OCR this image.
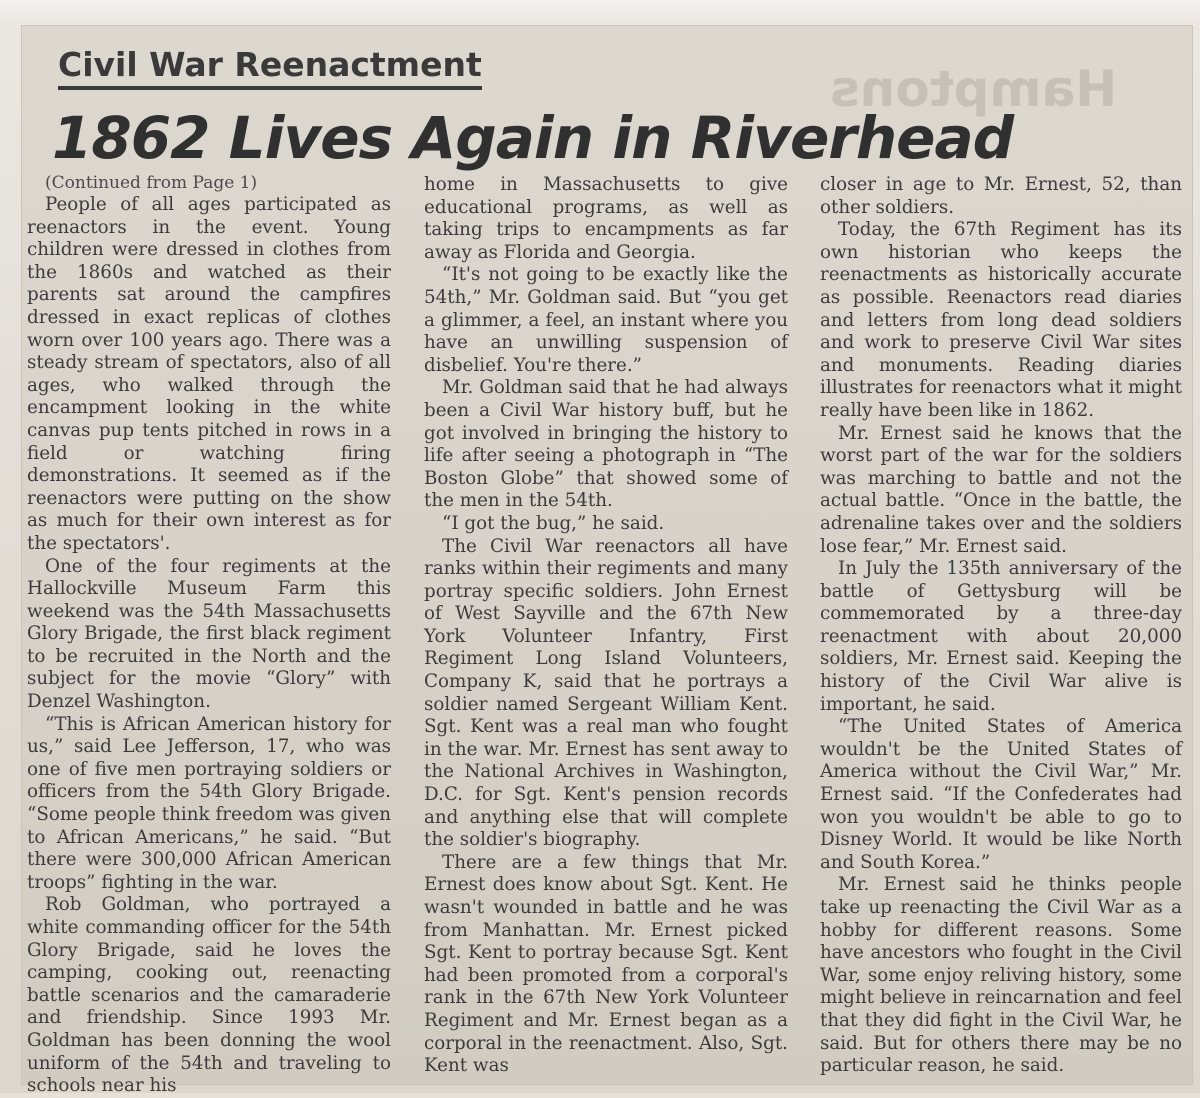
Hamptons
Civil War Reenactment
1862 Lives Again in Riverhead

(Continued from Page 1)

People of all ages participated as reenactors in the event. Young children were dressed in clothes from the 1860s and watched as their parents sat around the campfires dressed in exact replicas of clothes worn over 100 years ago. There was a steady stream of spectators, also of all ages, who walked through the encampment looking in the white canvas pup tents pitched in rows in a field or watching firing demonstrations. It seemed as if the reenactors were putting on the show as much for their own interest as for the spectators'.

One of the four regiments at the Hallockville Museum Farm this weekend was the 54th Massachusetts Glory Brigade, the first black regiment to be recruited in the North and the subject for the movie “Glory” with Denzel Washington.

“This is African American history for us,” said Lee Jefferson, 17, who was one of five men portraying soldiers or officers from the 54th Glory Brigade. “Some people think freedom was given to African Americans,” he said. “But there were 300,000 African American troops” fighting in the war.

Rob Goldman, who portrayed a white commanding officer for the 54th Glory Brigade, said he loves the camping, cooking out, reenacting battle scenarios and the camaraderie and friendship. Since 1993 Mr. Goldman has been donning the wool uniform of the 54th and traveling to schools near his

home in Massachusetts to give educational programs, as well as taking trips to encampments as far away as Florida and Georgia.

“It's not going to be exactly like the 54th,” Mr. Goldman said. But “you get a glimmer, a feel, an instant where you have an unwilling suspension of disbelief. You're there.”

Mr. Goldman said that he had always been a Civil War history buff, but he got involved in bringing the history to life after seeing a photograph in “The Boston Globe” that showed some of the men in the 54th.

“I got the bug,” he said.

The Civil War reenactors all have ranks within their regiments and many portray specific soldiers. John Ernest of West Sayville and the 67th New York Volunteer Infantry, First Regiment Long Island Volunteers, Company K, said that he portrays a soldier named Sergeant William Kent. Sgt. Kent was a real man who fought in the war. Mr. Ernest has sent away to the National Archives in Washington, D.C. for Sgt. Kent's pension records and anything else that will complete the soldier's biography.

There are a few things that Mr. Ernest does know about Sgt. Kent. He wasn't wounded in battle and he was from Manhattan. Mr. Ernest picked Sgt. Kent to portray because Sgt. Kent had been promoted from a corporal's rank in the 67th New York Volunteer Regiment and Mr. Ernest began as a corporal in the reenactment. Also, Sgt. Kent was

closer in age to Mr. Ernest, 52, than other soldiers.

Today, the 67th Regiment has its own historian who keeps the reenactments as historically accurate as possible. Reenactors read diaries and letters from long dead soldiers and work to preserve Civil War sites and monuments. Reading diaries illustrates for reenactors what it might really have been like in 1862.

Mr. Ernest said he knows that the worst part of the war for the soldiers was marching to battle and not the actual battle. “Once in the battle, the adrenaline takes over and the soldiers lose fear,” Mr. Ernest said.

In July the 135th anniversary of the battle of Gettysburg will be commemorated by a three-day reenactment with about 20,000 soldiers, Mr. Ernest said. Keeping the history of the Civil War alive is important, he said.

“The United States of America wouldn't be the United States of America without the Civil War,” Mr. Ernest said. “If the Confederates had won you wouldn't be able to go to Disney World. It would be like North and South Korea.”

Mr. Ernest said he thinks people take up reenacting the Civil War as a hobby for different reasons. Some have ancestors who fought in the Civil War, some enjoy reliving history, some might believe in reincarnation and feel that they did fight in the Civil War, he said. But for others there may be no particular reason, he said.
